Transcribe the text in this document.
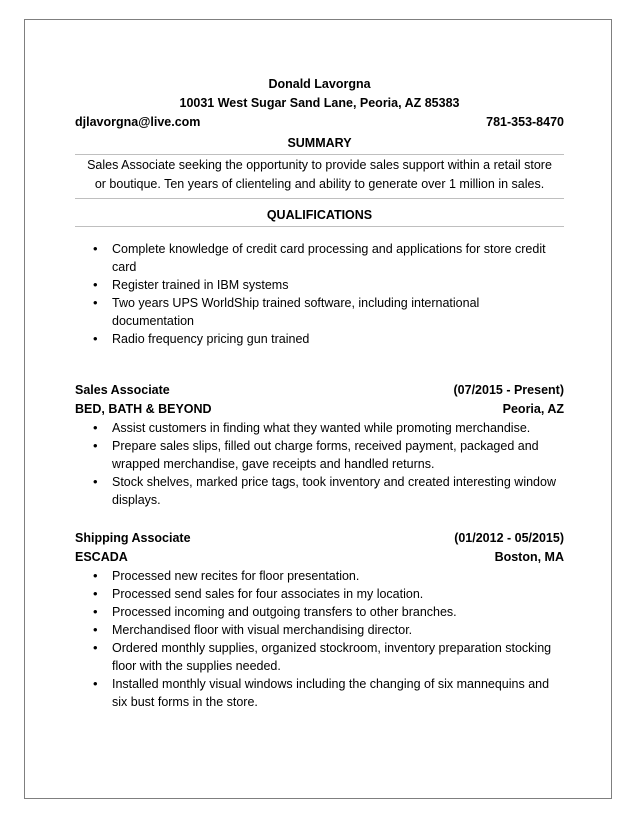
Donald Lavorgna
10031 West Sugar Sand Lane, Peoria, AZ 85383
djlavorgna@live.com	781-353-8470
SUMMARY
Sales Associate seeking the opportunity to provide sales support within a retail store or boutique. Ten years of clienteling and ability to generate over 1 million in sales.
QUALIFICATIONS
• Complete knowledge of credit card processing and applications for store credit card
• Register trained in IBM systems
• Two years UPS WorldShip trained software, including international documentation
• Radio frequency pricing gun trained
Sales Associate	(07/2015 - Present)
BED, BATH & BEYOND	Peoria, AZ
• Assist customers in finding what they wanted while promoting merchandise.
• Prepare sales slips, filled out charge forms, received payment, packaged and wrapped merchandise, gave receipts and handled returns.
• Stock shelves, marked price tags, took inventory and created interesting window displays.
Shipping Associate	(01/2012 - 05/2015)
ESCADA	Boston, MA
• Processed new recites for floor presentation.
• Processed send sales for four associates in my location.
• Processed incoming and outgoing transfers to other branches.
• Merchandised floor with visual merchandising director.
• Ordered monthly supplies, organized stockroom, inventory preparation stocking floor with the supplies needed.
• Installed monthly visual windows including the changing of six mannequins and six bust forms in the store.
